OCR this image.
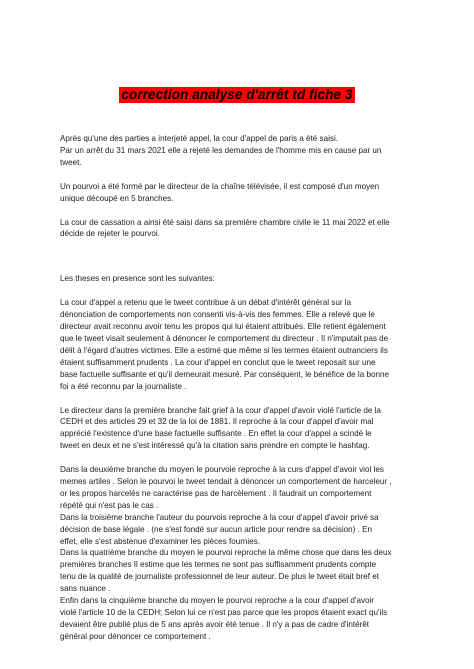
correction analyse d'arrêt td fiche 3

Après qu'une des parties a interjeté appel, la cour d'appel de paris a été saisi.

Par un arrêt du 31 mars 2021 elle a rejeté les demandes de l'homme mis en cause par un

tweet.

Un pourvoi a été formé par le directeur de la chaîne télévisée, il est composé d'un moyen

unique découpé en 5 branches.

La cour de cassation a ainsi été saisi dans sa première chambre civile le 11 mai 2022 et elle

décide de rejeter le pourvoi.

Les theses en presence sont les suivantes:

La cour d'appel a retenu que le tweet contribue à un débat d'intérêt général sur la

dénonciation de comportements non consenti vis-à-vis des femmes. Elle a relevé que le

directeur avait reconnu avoir tenu les propos qui lui étaient attribués. Elle retient également

que le tweet visait seulement à dénoncer le comportement du directeur . Il n'imputait pas de

délit à l'égard d'autres victimes. Elle a estimé que même si les termes étaient outranciers ils

étaient suffisamment prudents . La cour d'appel en conclut que le tweet reposait sur une

base factuelle suffisante et qu'il demeurait mesuré. Par conséquent, le bénéfice de la bonne

foi a été reconnu par la journaliste .

Le directeur dans la première branche fait grief à la cour d'appel d'avoir violé l'article de la

CEDH et des articles 29 et 32 de la loi de 1881. Il reproche à la cour d'appel d'avoir mal

apprécié l'existence d'une base factuelle suffisante . En effet la cour d'appel a scindé le

tweet en deux et ne s'est intéressé qu'à la citation sans prendre en compte le hashtag.

Dans la deuxième branche du moyen le pourvoie reproche à la curs d'appel d'avoir viol les

memes artiles . Selon le pourvoi le tweet tendait à dénoncer un comportement de harceleur ,

or les propos harcelés ne caractérise pas de harcèlement . Il faudrait un comportement

répété qui n'est pas le cas .

Dans la troisième branche l'auteur du pourvois reproche à la cour d'appel d'avoir privé sa

décision de base légale . (ne s'est fondé sur aucun article pour rendre sa décision) . En

effet, elle s'est abstenue d'examiner les pièces fournies.

Dans la quatrième branche du moyen le pourvoi reproche la même chose que dans les deux

premières branches Il estime que les termes ne sont pas suffisamment prudents compte

tenu de la qualité de journaliste professionnel de leur auteur. De plus le tweet était bref et

sans nuance .

Enfin dans la cinquième branche du moyen le pourvoi reproche a la cour d'appel d'avoir

violé l'article 10 de la CEDH; Selon lui ce n'est pas parce que les propos étaient exact qu'ils

devaient être publié plus de 5 ans après avoir été tenue . Il n'y a pas de cadre d'intérêt

général pour dénoncer ce comportement .
